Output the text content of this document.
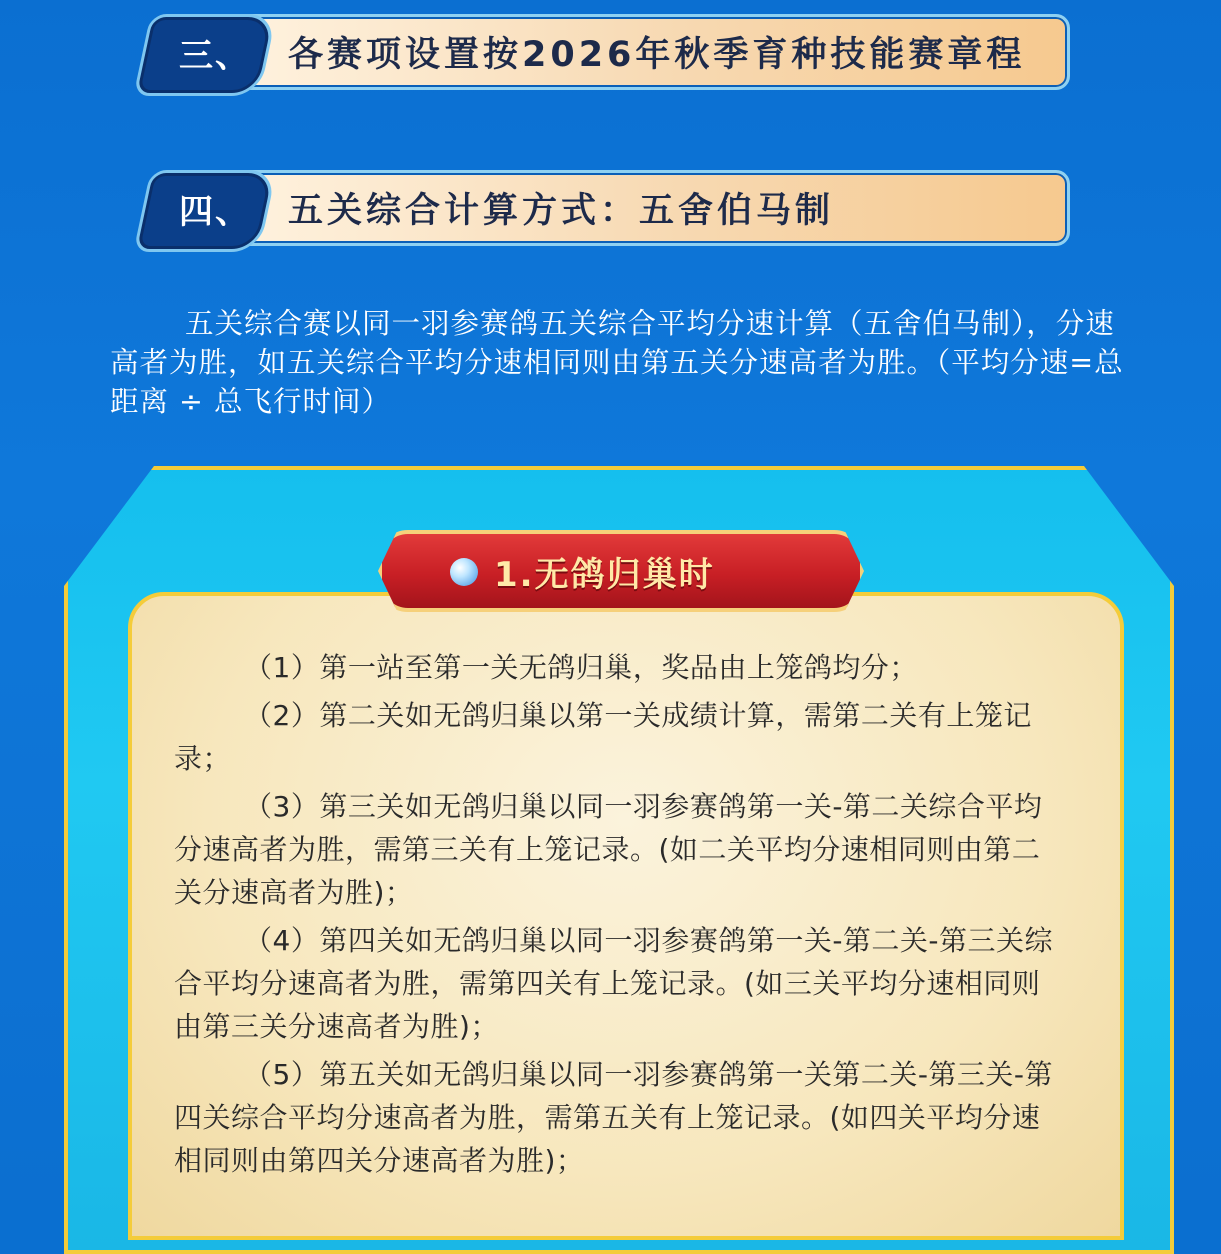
三、	各赛项设置按2026年秋季育种技能赛章程
四、	五关综合计算方式：五舍伯马制
五关综合赛以同一羽参赛鸽五关综合平均分速计算（五舍伯马制），分速高者为胜，如五关综合平均分速相同则由第五关分速高者为胜。（平均分速=总距离 ÷ 总飞行时间）
1.无鸽归巢时

（1）第一站至第一关无鸽归巢，奖品由上笼鸽均分；

（2）第二关如无鸽归巢以第一关成绩计算，需第二关有上笼记录；

（3）第三关如无鸽归巢以同一羽参赛鸽第一关-第二关综合平均分速高者为胜，需第三关有上笼记录。(如二关平均分速相同则由第二关分速高者为胜)；

（4）第四关如无鸽归巢以同一羽参赛鸽第一关-第二关-第三关综合平均分速高者为胜，需第四关有上笼记录。(如三关平均分速相同则由第三关分速高者为胜)；

（5）第五关如无鸽归巢以同一羽参赛鸽第一关第二关-第三关-第四关综合平均分速高者为胜，需第五关有上笼记录。(如四关平均分速相同则由第四关分速高者为胜)；
